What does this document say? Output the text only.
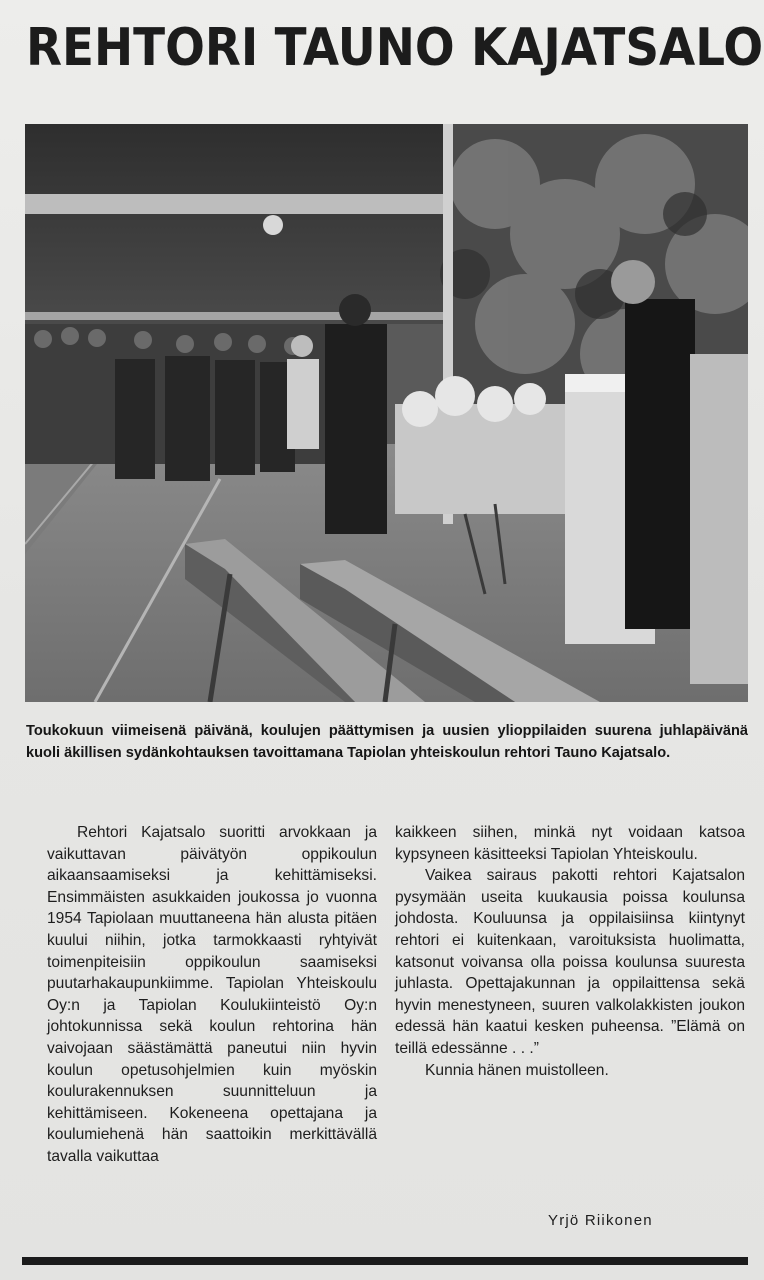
REHTORI TAUNO KAJATSALO
Toukokuun viimeisenä päivänä, koulujen päättymisen ja uusien ylioppilaiden suurena juhlapäivänä kuoli äkillisen sydänkohtauksen tavoittamana Tapiolan yhteiskoulun rehtori Tauno Kajatsalo.

Rehtori Kajatsalo suoritti arvokkaan ja vaikuttavan päivätyön oppikoulun aikaansaamiseksi ja kehittämiseksi. Ensimmäisten asukkaiden joukossa jo vuonna 1954 Tapiolaan muuttaneena hän alusta pitäen kuului niihin, jotka tarmokkaasti ryhtyivät toimenpiteisiin oppikoulun saamiseksi puutarhakaupunkiimme. Tapiolan Yhteiskoulu Oy:n ja Tapiolan Koulukiinteistö Oy:n johtokunnissa sekä koulun rehtorina hän vaivojaan säästämättä paneutui niin hyvin koulun opetusohjelmien kuin myöskin koulurakennuksen suunnitteluun ja kehittämiseen. Kokeneena opettajana ja koulumiehenä hän saattoikin merkittävällä tavalla vaikuttaa

kaikkeen siihen, minkä nyt voidaan katsoa kypsyneen käsitteeksi Tapiolan Yhteiskoulu.

Vaikea sairaus pakotti rehtori Kajatsalon pysymään useita kuukausia poissa koulunsa johdosta. Kouluunsa ja oppilaisiinsa kiintynyt rehtori ei kuitenkaan, varoituksista huolimatta, katsonut voivansa olla poissa koulunsa suuresta juhlasta. Opettajakunnan ja oppilaittensa sekä hyvin menestyneen, suuren valkolakkisten joukon edessä hän kaatui kesken puheensa. ”Elämä on teillä edessänne . . .”

Kunnia hänen muistolleen.

Yrjö Riikonen
